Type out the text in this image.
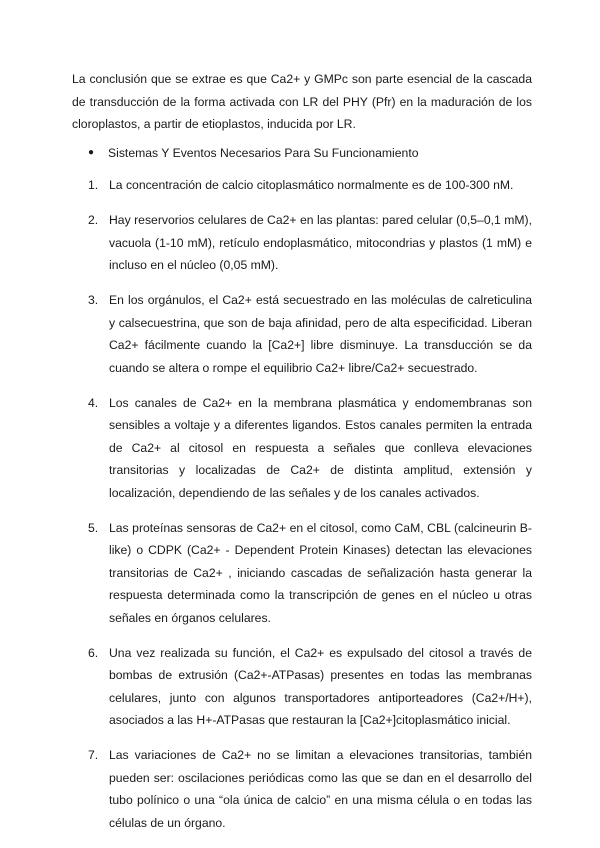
La conclusión que se extrae es que Ca2+ y GMPc son parte esencial de la cascada de transducción de la forma activada con LR del PHY (Pfr) en la maduración de los cloroplastos, a partir de etioplastos, inducida por LR.

● Sistemas Y Eventos Necesarios Para Su Funcionamiento
1. La concentración de calcio citoplasmático normalmente es de 100-300 nM.
2. Hay reservorios celulares de Ca2+ en las plantas: pared celular (0,5–0,1 mM), vacuola (1-10 mM), retículo endoplasmático, mitocondrias y plastos (1 mM) e incluso en el núcleo (0,05 mM).
3. En los orgánulos, el Ca2+ está secuestrado en las moléculas de calreticulina y calsecuestrina, que son de baja afinidad, pero de alta especificidad. Liberan Ca2+ fácilmente cuando la [Ca2+] libre disminuye. La transducción se da cuando se altera o rompe el equilibrio Ca2+ libre/Ca2+ secuestrado.
4. Los canales de Ca2+ en la membrana plasmática y endomembranas son sensibles a voltaje y a diferentes ligandos. Estos canales permiten la entrada de Ca2+ al citosol en respuesta a señales que conlleva elevaciones transitorias y localizadas de Ca2+ de distinta amplitud, extensión y localización, dependiendo de las señales y de los canales activados.
5. Las proteínas sensoras de Ca2+ en el citosol, como CaM, CBL (calcineurin B-like) o CDPK (Ca2+ - Dependent Protein Kinases) detectan las elevaciones transitorias de Ca2+ , iniciando cascadas de señalización hasta generar la respuesta determinada como la transcripción de genes en el núcleo u otras señales en órganos celulares.
6. Una vez realizada su función, el Ca2+ es expulsado del citosol a través de bombas de extrusión (Ca2+-ATPasas) presentes en todas las membranas celulares, junto con algunos transportadores antiporteadores (Ca2+/H+), asociados a las H+-ATPasas que restauran la [Ca2+]citoplasmático inicial.
7. Las variaciones de Ca2+ no se limitan a elevaciones transitorias, también pueden ser: oscilaciones periódicas como las que se dan en el desarrollo del tubo polínico o una “ola única de calcio” en una misma célula o en todas las células de un órgano.
